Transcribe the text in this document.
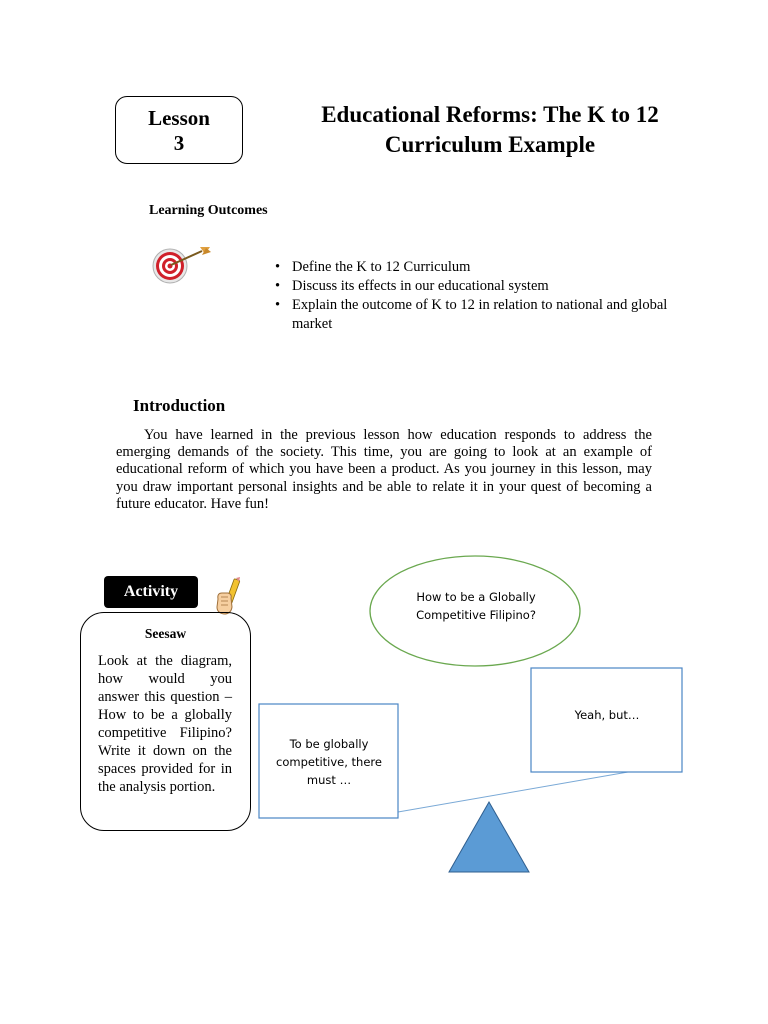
Lesson
3
Educational Reforms: The K to 12
Curriculum Example
Learning Outcomes
• Define the K to 12 Curriculum
• Discuss its effects in our educational system
• Explain the outcome of K to 12 in relation to national and global market
Introduction
You have learned in the previous lesson how education responds to address the emerging demands of the society. This time, you are going to look at an example of educational reform of which you have been a product. As you journey in this lesson, may you draw important personal insights and be able to relate it in your quest of becoming a future educator. Have fun!
Activity
Seesaw
Look at the diagram, how would you answer this question – How to be a globally competitive Filipino? Write it down on the spaces provided for in the analysis portion.
How to be a Globally Competitive Filipino?
To be globally competitive, there must …
Yeah, but…
